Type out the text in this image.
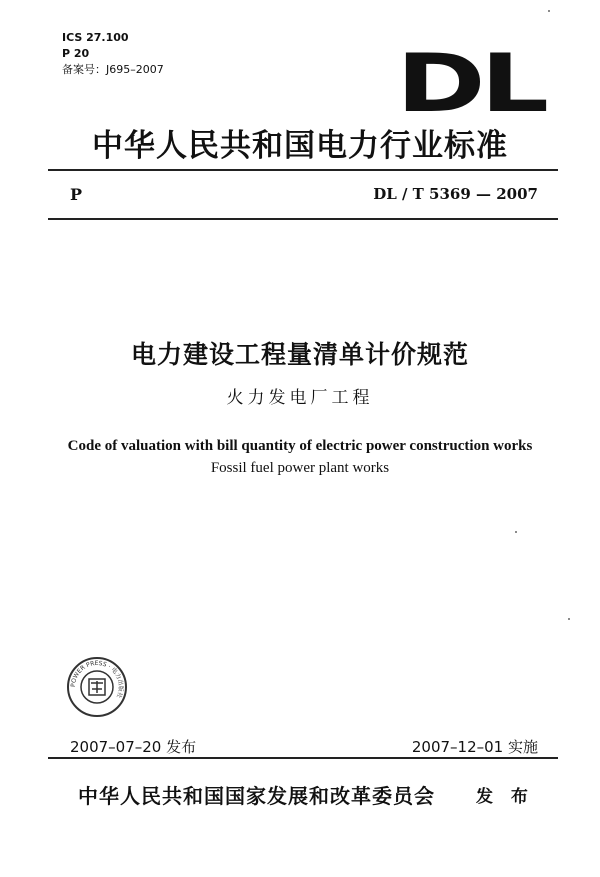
ICS 27.100
P 20
备案号：J695–2007	DL
中华人民共和国电力行业标准
P	DL / T 5369 — 2007
电力建设工程量清单计价规范
火力发电厂工程
Code of valuation with bill quantity of electric power construction works
Fossil fuel power plant works
POWER PRESS · 电力出版社
2007–07–20 发布	2007–12–01 实施
中华人民共和国国家发展和改革委员会 发 布
